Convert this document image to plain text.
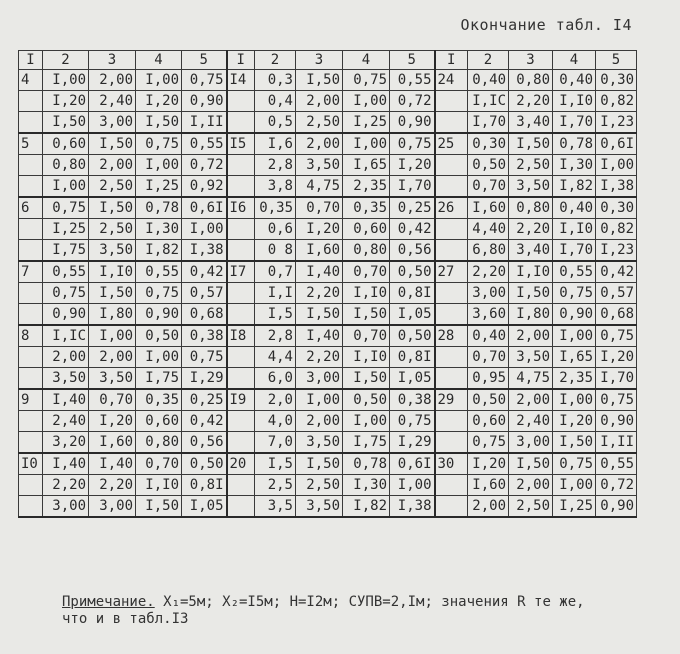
Окончание табл. I4
I	2	3	4	5	I	2	3	4	5	I	2	3	4	5
4	I,00	2,00	I,00	0,75	I4	0,3	I,50	0,75	0,55	24	0,40	0,80	0,40	0,30
	I,20	2,40	I,20	0,90		0,4	2,00	I,00	0,72		I,IC	2,20	I,I0	0,82
	I,50	3,00	I,50	I,II		0,5	2,50	I,25	0,90		I,70	3,40	I,70	I,23
5	0,60	I,50	0,75	0,55	I5	I,6	2,00	I,00	0,75	25	0,30	I,50	0,78	0,6I
	0,80	2,00	I,00	0,72		2,8	3,50	I,65	I,20		0,50	2,50	I,30	I,00
	I,00	2,50	I,25	0,92		3,8	4,75	2,35	I,70		0,70	3,50	I,82	I,38
6	0,75	I,50	0,78	0,6I	I6	0,35	0,70	0,35	0,25	26	I,60	0,80	0,40	0,30
	I,25	2,50	I,30	I,00		0,6	I,20	0,60	0,42		4,40	2,20	I,I0	0,82
	I,75	3,50	I,82	I,38		0 8	I,60	0,80	0,56		6,80	3,40	I,70	I,23
7	0,55	I,I0	0,55	0,42	I7	0,7	I,40	0,70	0,50	27	2,20	I,I0	0,55	0,42
	0,75	I,50	0,75	0,57		I,I	2,20	I,I0	0,8I		3,00	I,50	0,75	0,57
	0,90	I,80	0,90	0,68		I,5	I,50	I,50	I,05		3,60	I,80	0,90	0,68
8	I,IC	I,00	0,50	0,38	I8	2,8	I,40	0,70	0,50	28	0,40	2,00	I,00	0,75
	2,00	2,00	I,00	0,75		4,4	2,20	I,I0	0,8I		0,70	3,50	I,65	I,20
	3,50	3,50	I,75	I,29		6,0	3,00	I,50	I,05		0,95	4,75	2,35	I,70
9	I,40	0,70	0,35	0,25	I9	2,0	I,00	0,50	0,38	29	0,50	2,00	I,00	0,75
	2,40	I,20	0,60	0,42		4,0	2,00	I,00	0,75		0,60	2,40	I,20	0,90
	3,20	I,60	0,80	0,56		7,0	3,50	I,75	I,29		0,75	3,00	I,50	I,II
I0	I,40	I,40	0,70	0,50	20	I,5	I,50	0,78	0,6I	30	I,20	I,50	0,75	0,55
	2,20	2,20	I,I0	0,8I		2,5	2,50	I,30	I,00		I,60	2,00	I,00	0,72
	3,00	3,00	I,50	I,05		3,5	3,50	I,82	I,38		2,00	2,50	I,25	0,90
Примечание. X₁=5м; X₂=I5м; H=I2м; СУПВ=2,Iм; значения R те же,
что и в табл.I3
